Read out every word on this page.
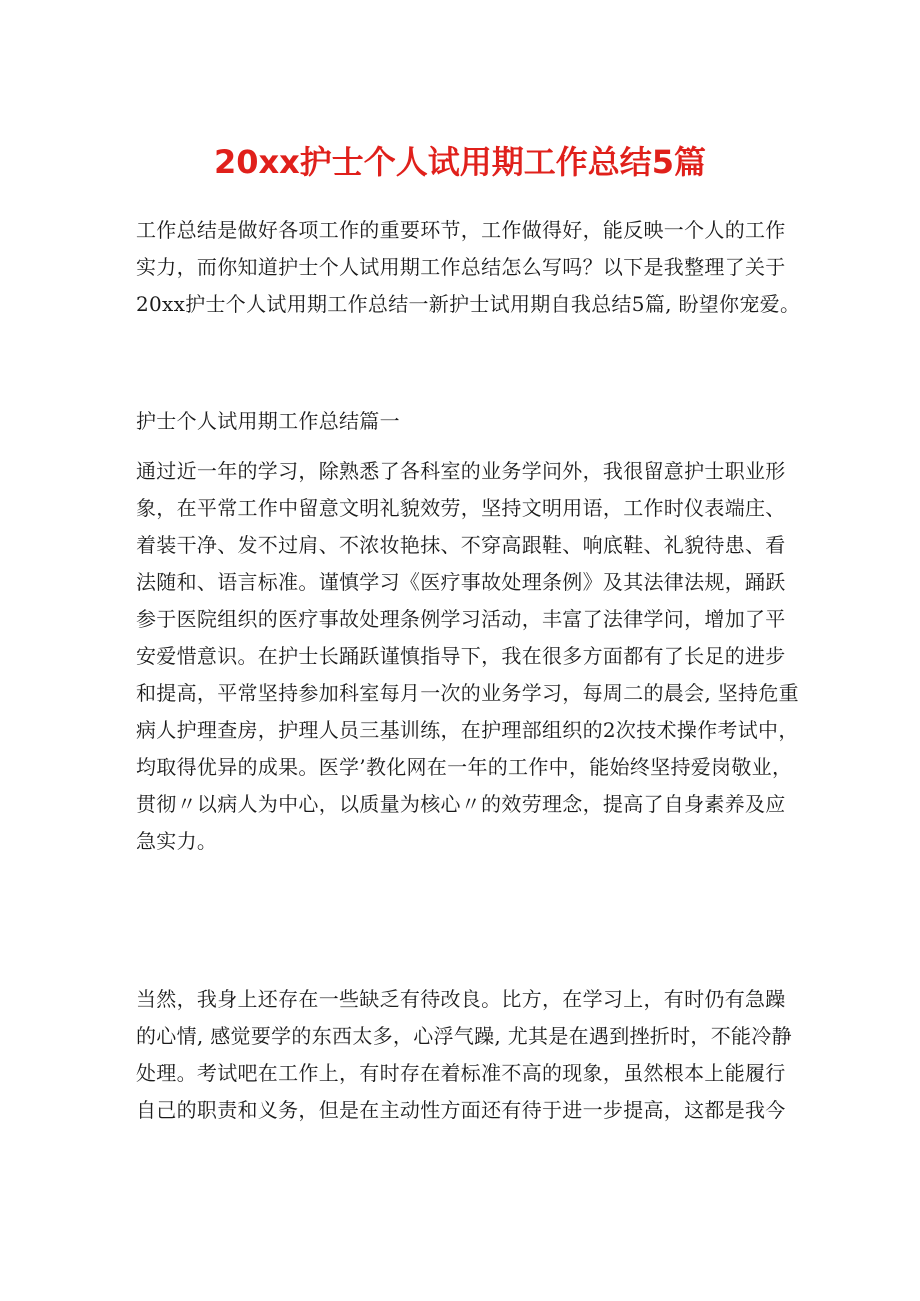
20xx护士个人试用期工作总结5篇
工作总结是做好各项工作的重要环节，工作做得好，能反映一个人的工作
实力，而你知道护士个人试用期工作总结怎么写吗？以下是我整理了关于
20xx护士个人试用期工作总结一新护士试用期自我总结5篇, 盼望你宠爱。
护士个人试用期工作总结篇一
通过近一年的学习，除熟悉了各科室的业务学问外，我很留意护士职业形
象，在平常工作中留意文明礼貌效劳，坚持文明用语，工作时仪表端庄、
着装干净、发不过肩、不浓妆艳抹、不穿高跟鞋、响底鞋、礼貌待患、看
法随和、语言标准。谨慎学习《医疗事故处理条例》及其法律法规，踊跃
参于医院组织的医疗事故处理条例学习活动，丰富了法律学问，增加了平
安爱惜意识。在护士长踊跃谨慎指导下，我在很多方面都有了长足的进步
和提高，平常坚持参加科室每月一次的业务学习，每周二的晨会, 坚持危重
病人护理查房，护理人员三基训练，在护理部组织的2次技术操作考试中，
均取得优异的成果。医学’教化网在一年的工作中，能始终坚持爱岗敬业，
贯彻〃以病人为中心，以质量为核心〃的效劳理念，提高了自身素养及应
急实力。
当然，我身上还存在一些缺乏有待改良。比方，在学习上，有时仍有急躁
的心情, 感觉要学的东西太多，心浮气躁, 尤其是在遇到挫折时，不能冷静
处理。考试吧在工作上，有时存在着标准不高的现象，虽然根本上能履行
自己的职责和义务，但是在主动性方面还有待于进一步提高，这都是我今
